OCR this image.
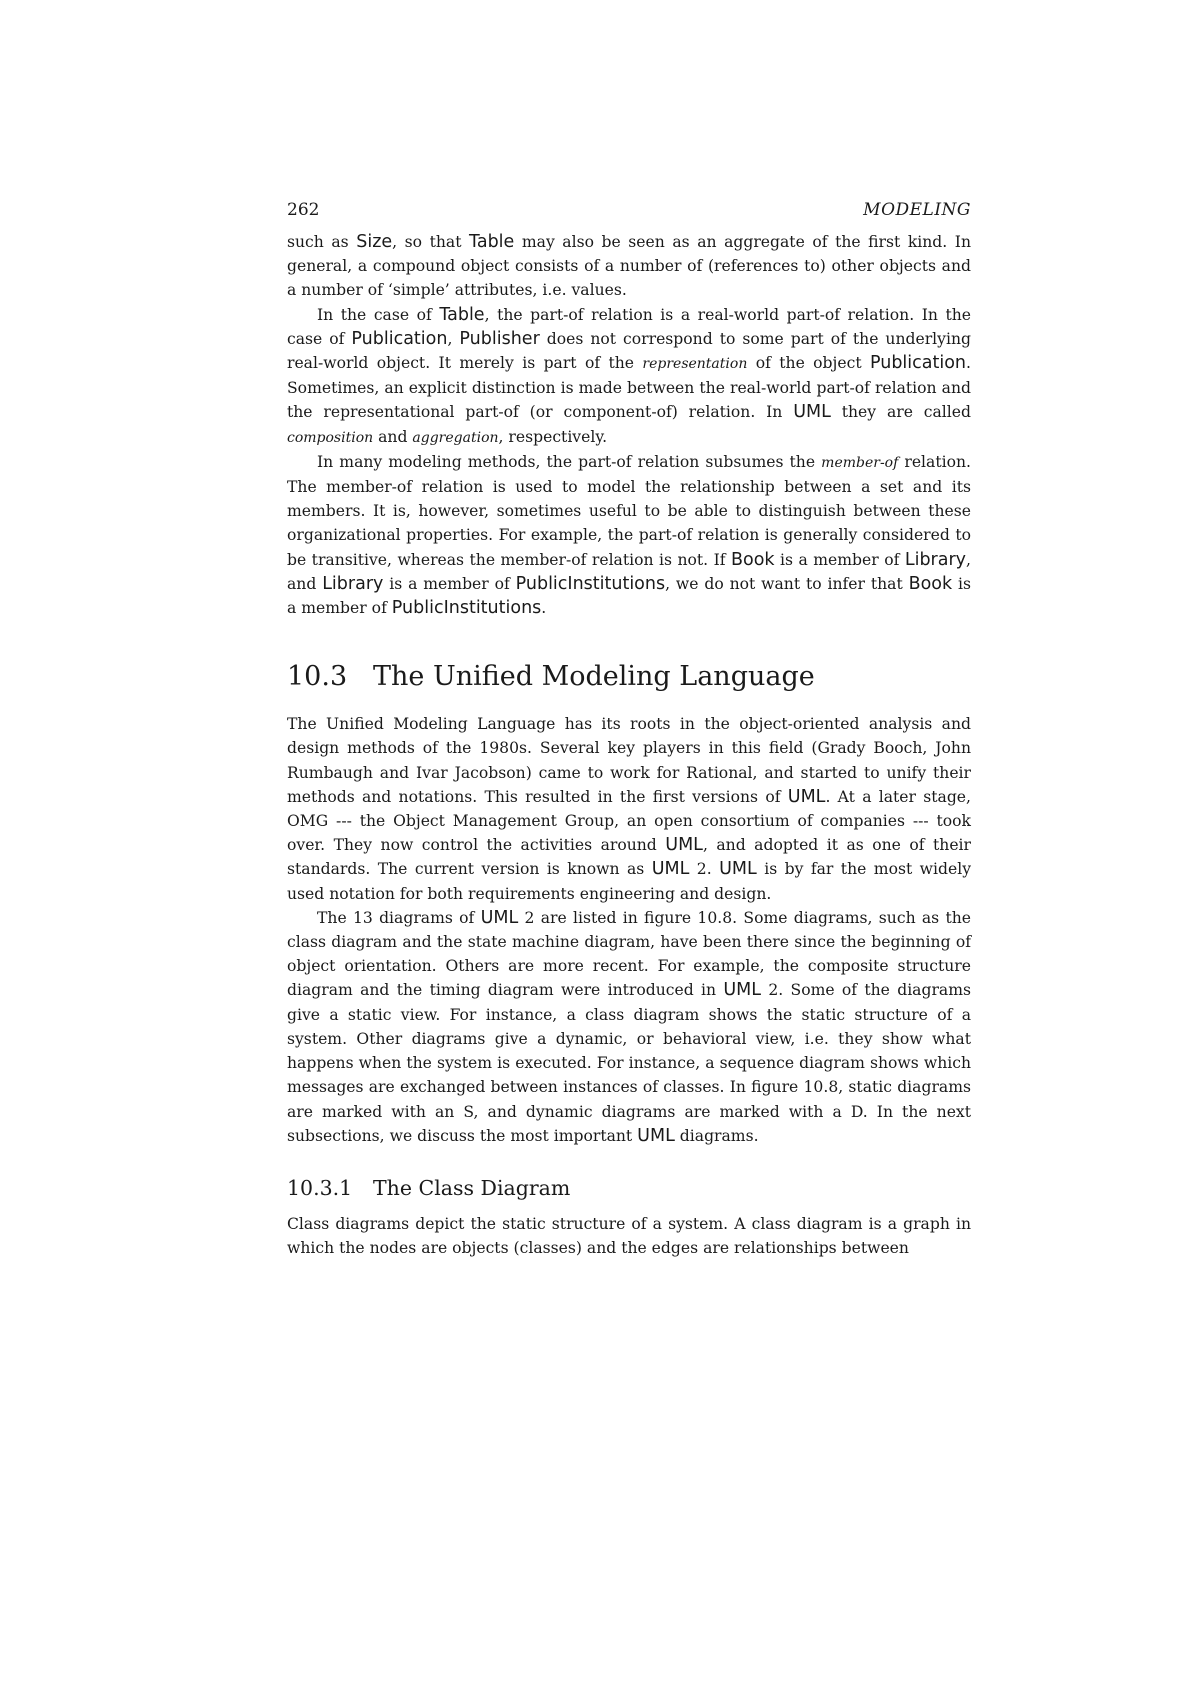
262	MODELING

such as Size, so that Table may also be seen as an aggregate of the first kind. In general, a compound object consists of a number of (references to) other objects and a number of ‘simple’ attributes, i.e. values.

In the case of Table, the part-of relation is a real-world part-of relation. In the case of Publication, Publisher does not correspond to some part of the underlying real-world object. It merely is part of the representation of the object Publication. Sometimes, an explicit distinction is made between the real-world part-of relation and the representational part-of (or component-of) relation. In UML they are called composition and aggregation, respectively.

In many modeling methods, the part-of relation subsumes the member-of relation. The member-of relation is used to model the relationship between a set and its members. It is, however, sometimes useful to be able to distinguish between these organizational properties. For example, the part-of relation is generally considered to be transitive, whereas the member-of relation is not. If Book is a member of Library, and Library is a member of PublicInstitutions, we do not want to infer that Book is a member of PublicInstitutions.

10.3 The Unified Modeling Language

The Unified Modeling Language has its roots in the object-oriented analysis and design methods of the 1980s. Several key players in this field (Grady Booch, John Rumbaugh and Ivar Jacobson) came to work for Rational, and started to unify their methods and notations. This resulted in the first versions of UML. At a later stage, OMG --- the Object Management Group, an open consortium of companies --- took over. They now control the activities around UML, and adopted it as one of their standards. The current version is known as UML 2. UML is by far the most widely used notation for both requirements engineering and design.

The 13 diagrams of UML 2 are listed in figure 10.8. Some diagrams, such as the class diagram and the state machine diagram, have been there since the beginning of object orientation. Others are more recent. For example, the composite structure diagram and the timing diagram were introduced in UML 2. Some of the diagrams give a static view. For instance, a class diagram shows the static structure of a system. Other diagrams give a dynamic, or behavioral view, i.e. they show what happens when the system is executed. For instance, a sequence diagram shows which messages are exchanged between instances of classes. In figure 10.8, static diagrams are marked with an S, and dynamic diagrams are marked with a D. In the next subsections, we discuss the most important UML diagrams.

10.3.1 The Class Diagram

Class diagrams depict the static structure of a system. A class diagram is a graph in which the nodes are objects (classes) and the edges are relationships between
